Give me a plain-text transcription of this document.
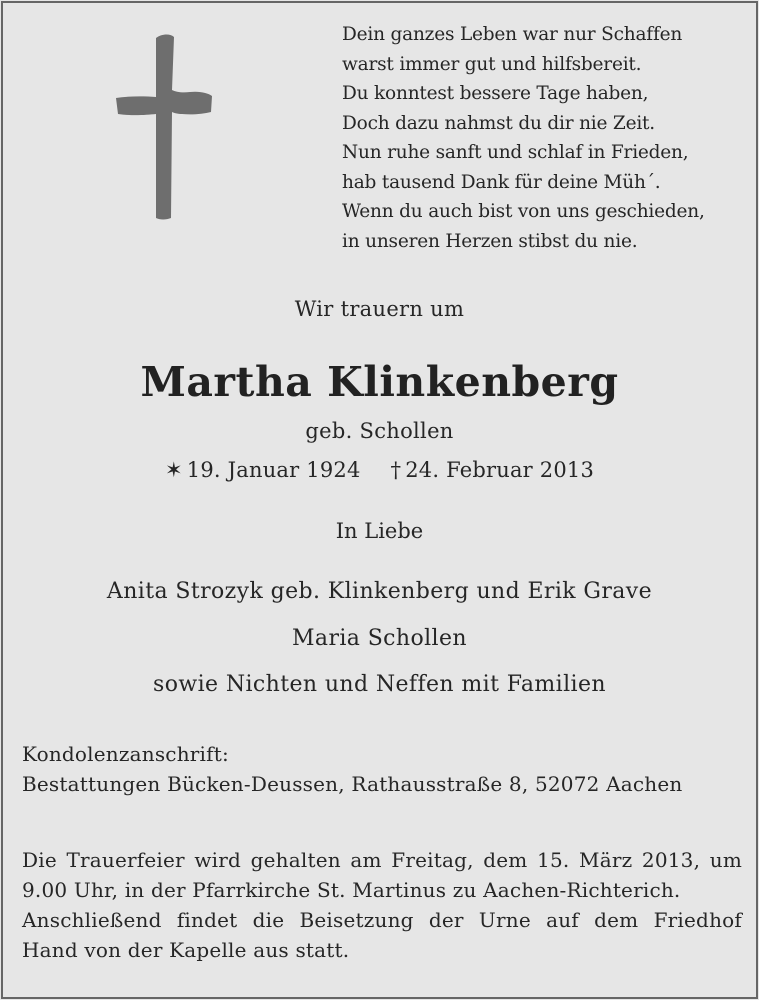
Dein ganzes Leben war nur Schaffen
warst immer gut und hilfsbereit.
Du konntest bessere Tage haben,
Doch dazu nahmst du dir nie Zeit.
Nun ruhe sanft und schlaf in Frieden,
hab tausend Dank für deine Müh´.
Wenn du auch bist von uns geschieden,
in unseren Herzen stibst du nie.
Wir trauern um
Martha Klinkenberg
geb. Schollen
✶ 19. Januar 1924 † 24. Februar 2013
In Liebe
Anita Strozyk geb. Klinkenberg und Erik Grave
Maria Schollen
sowie Nichten und Neffen mit Familien
Kondolenzanschrift:
Bestattungen Bücken-Deussen, Rathausstraße 8, 52072 Aachen
Die Trauerfeier wird gehalten am Freitag, dem 15. März 2013, um
9.00 Uhr, in der Pfarrkirche St. Martinus zu Aachen-Richterich.
Anschließend findet die Beisetzung der Urne auf dem Friedhof
Hand von der Kapelle aus statt.
